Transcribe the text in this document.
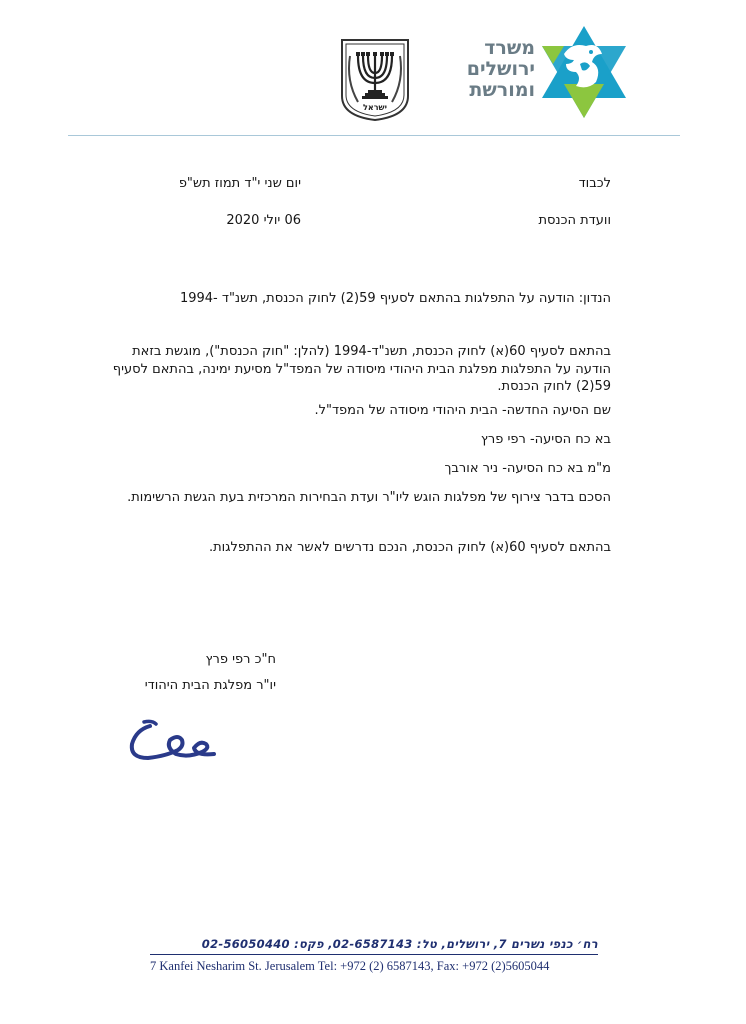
ישראל
משרד
ירושלים
ומורשת
לכבוד
וועדת הכנסת
יום שני י"ד תמוז תש"פ
06 יולי 2020
הנדון: הודעה על התפלגות בהתאם לסעיף 59(2) לחוק הכנסת, תשנ"ד -1994
בהתאם לסעיף 60(א) לחוק הכנסת, תשנ"ד-1994 (להלן: "חוק הכנסת"), מוגשת בזאת הודעה על התפלגות מפלגת הבית היהודי מיסודה של המפד"ל מסיעת ימינה, בהתאם לסעיף 59(2) לחוק הכנסת.
שם הסיעה החדשה- הבית היהודי מיסודה של המפד"ל.
בא כח הסיעה- רפי פרץ
מ"מ בא כח הסיעה- ניר אורבך
הסכם בדבר צירוף של מפלגות הוגש ליו"ר ועדת הבחירות המרכזית בעת הגשת הרשימות.
בהתאם לסעיף 60(א) לחוק הכנסת, הנכם נדרשים לאשר את ההתפלגות.
ח"כ רפי פרץ
יו"ר מפלגת הבית היהודי
רח׳ כנפי נשרים 7, ירושלים, טל: 02-6587143, פקס: 02-56050440
7 Kanfei Nesharim St. Jerusalem Tel: +972 (2) 6587143, Fax: +972 (2)5605044
